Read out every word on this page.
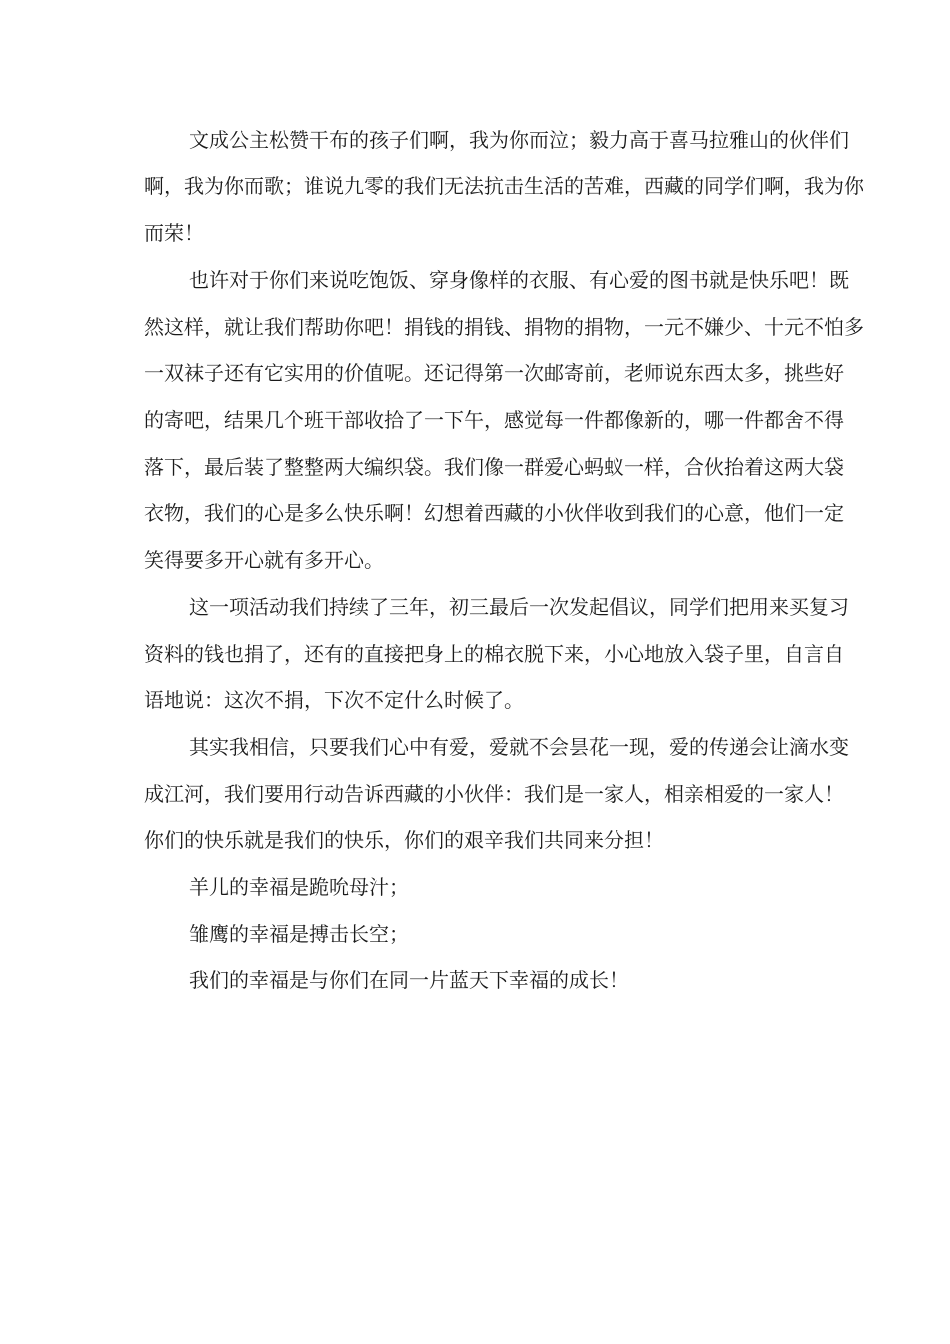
文成公主松赞干布的孩子们啊，我为你而泣；毅力高于喜马拉雅山的伙伴们
啊，我为你而歌；谁说九零的我们无法抗击生活的苦难，西藏的同学们啊，我为你
而荣！
也许对于你们来说吃饱饭、穿身像样的衣服、有心爱的图书就是快乐吧！既
然这样，就让我们帮助你吧！捐钱的捐钱、捐物的捐物，一元不嫌少、十元不怕多
一双袜子还有它实用的价值呢。还记得第一次邮寄前，老师说东西太多，挑些好
的寄吧，结果几个班干部收拾了一下午，感觉每一件都像新的，哪一件都舍不得
落下，最后装了整整两大编织袋。我们像一群爱心蚂蚁一样，合伙抬着这两大袋
衣物，我们的心是多么快乐啊！幻想着西藏的小伙伴收到我们的心意，他们一定
笑得要多开心就有多开心。
这一项活动我们持续了三年，初三最后一次发起倡议，同学们把用来买复习
资料的钱也捐了，还有的直接把身上的棉衣脱下来，小心地放入袋子里，自言自
语地说：这次不捐，下次不定什么时候了。
其实我相信，只要我们心中有爱，爱就不会昙花一现，爱的传递会让滴水变
成江河，我们要用行动告诉西藏的小伙伴：我们是一家人，相亲相爱的一家人！
你们的快乐就是我们的快乐，你们的艰辛我们共同来分担！
羊儿的幸福是跪吮母汁；
雏鹰的幸福是搏击长空；
我们的幸福是与你们在同一片蓝天下幸福的成长！
